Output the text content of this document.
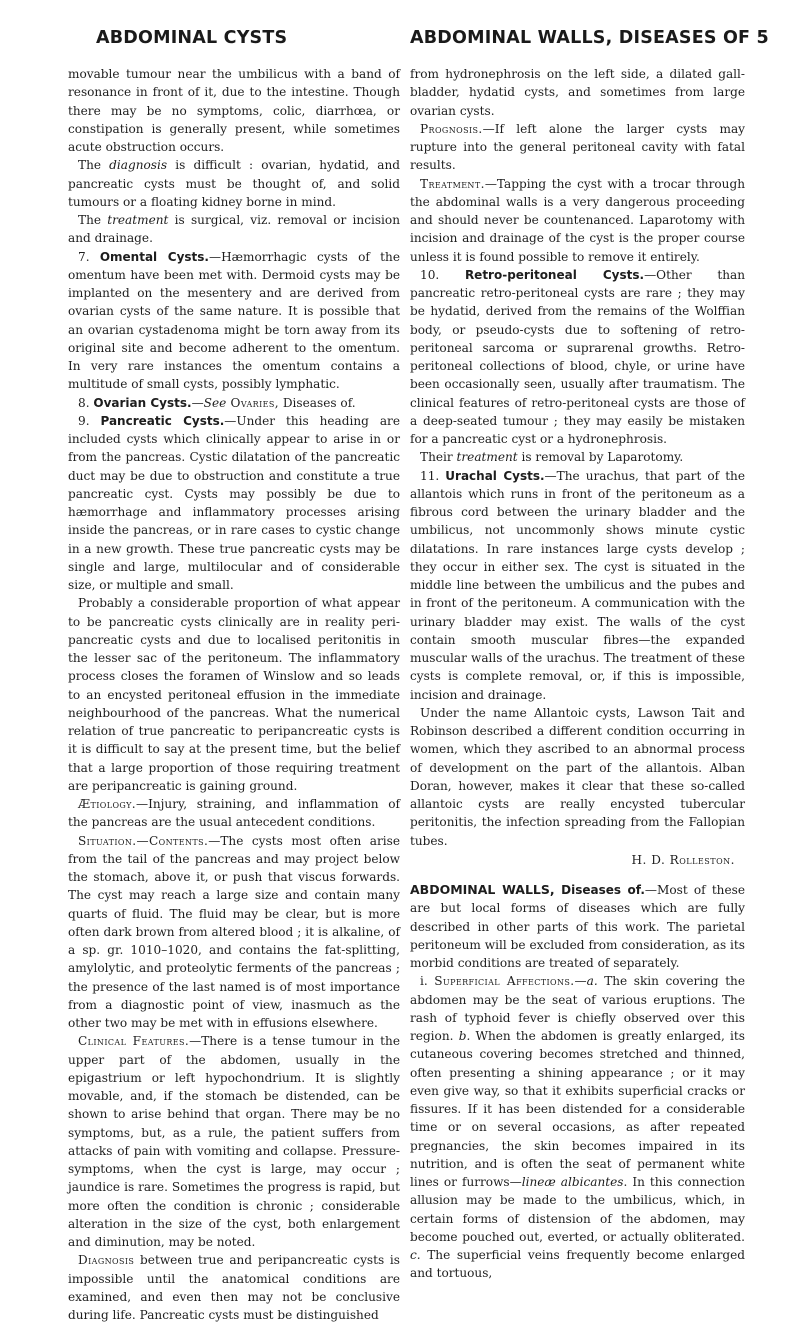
ABDOMINAL CYSTS	ABDOMINAL WALLS, DISEASES OF 5

movable tumour near the umbilicus with a band of resonance in front of it, due to the intestine. Though there may be no symptoms, colic, diarrhœa, or constipation is generally present, while sometimes acute obstruction occurs.

The diagnosis is difficult : ovarian, hydatid, and pancreatic cysts must be thought of, and solid tumours or a floating kidney borne in mind.

The treatment is surgical, viz. removal or incision and drainage.

7. Omental Cysts.—Hæmorrhagic cysts of the omentum have been met with. Dermoid cysts may be implanted on the mesentery and are derived from ovarian cysts of the same nature. It is possible that an ovarian cystadenoma might be torn away from its original site and become adherent to the omentum. In very rare instances the omentum contains a multitude of small cysts, possibly lymphatic.

8. Ovarian Cysts.—See Ovaries, Diseases of.

9. Pancreatic Cysts.—Under this heading are included cysts which clinically appear to arise in or from the pancreas. Cystic dilatation of the pancreatic duct may be due to obstruction and constitute a true pancreatic cyst. Cysts may possibly be due to hæmorrhage and inflammatory processes arising inside the pancreas, or in rare cases to cystic change in a new growth. These true pancreatic cysts may be single and large, multilocular and of considerable size, or multiple and small.

Probably a considerable proportion of what appear to be pancreatic cysts clinically are in reality peri-pancreatic cysts and due to localised peritonitis in the lesser sac of the peritoneum. The inflammatory process closes the foramen of Winslow and so leads to an encysted peritoneal effusion in the immediate neighbourhood of the pancreas. What the numerical relation of true pancreatic to peripancreatic cysts is it is difficult to say at the present time, but the belief that a large proportion of those requiring treatment are peripancreatic is gaining ground.

Ætiology.—Injury, straining, and inflammation of the pancreas are the usual antecedent conditions.

Situation.—Contents.—The cysts most often arise from the tail of the pancreas and may project below the stomach, above it, or push that viscus forwards. The cyst may reach a large size and contain many quarts of fluid. The fluid may be clear, but is more often dark brown from altered blood ; it is alkaline, of a sp. gr. 1010–1020, and contains the fat-splitting, amylolytic, and proteolytic ferments of the pancreas ; the presence of the last named is of most importance from a diagnostic point of view, inasmuch as the other two may be met with in effusions elsewhere.

Clinical Features.—There is a tense tumour in the upper part of the abdomen, usually in the epigastrium or left hypochondrium. It is slightly movable, and, if the stomach be distended, can be shown to arise behind that organ. There may be no symptoms, but, as a rule, the patient suffers from attacks of pain with vomiting and collapse. Pressure-symptoms, when the cyst is large, may occur ; jaundice is rare. Sometimes the progress is rapid, but more often the condition is chronic ; considerable alteration in the size of the cyst, both enlargement and diminution, may be noted.

Diagnosis between true and peripancreatic cysts is impossible until the anatomical conditions are examined, and even then may not be conclusive during life. Pancreatic cysts must be distinguished

from hydronephrosis on the left side, a dilated gall-bladder, hydatid cysts, and sometimes from large ovarian cysts.

Prognosis.—If left alone the larger cysts may rupture into the general peritoneal cavity with fatal results.

Treatment.—Tapping the cyst with a trocar through the abdominal walls is a very dangerous proceeding and should never be countenanced. Laparotomy with incision and drainage of the cyst is the proper course unless it is found possible to remove it entirely.

10. Retro-peritoneal Cysts.—Other than pancreatic retro-peritoneal cysts are rare ; they may be hydatid, derived from the remains of the Wolffian body, or pseudo-cysts due to softening of retro-peritoneal sarcoma or suprarenal growths. Retro-peritoneal collections of blood, chyle, or urine have been occasionally seen, usually after traumatism. The clinical features of retro-peritoneal cysts are those of a deep-seated tumour ; they may easily be mistaken for a pancreatic cyst or a hydronephrosis.

Their treatment is removal by Laparotomy.

11. Urachal Cysts.—The urachus, that part of the allantois which runs in front of the peritoneum as a fibrous cord between the urinary bladder and the umbilicus, not uncommonly shows minute cystic dilatations. In rare instances large cysts develop ; they occur in either sex. The cyst is situated in the middle line between the umbilicus and the pubes and in front of the peritoneum. A communication with the urinary bladder may exist. The walls of the cyst contain smooth muscular fibres—the expanded muscular walls of the urachus. The treatment of these cysts is complete removal, or, if this is impossible, incision and drainage.

Under the name Allantoic cysts, Lawson Tait and Robinson described a different condition occurring in women, which they ascribed to an abnormal process of development on the part of the allantois. Alban Doran, however, makes it clear that these so-called allantoic cysts are really encysted tubercular peritonitis, the infection spreading from the Fallopian tubes.

H. D. Rolleston.

ABDOMINAL WALLS, Diseases of.—Most of these are but local forms of diseases which are fully described in other parts of this work. The parietal peritoneum will be excluded from consideration, as its morbid conditions are treated of separately.

i. Superficial Affections.—a. The skin covering the abdomen may be the seat of various eruptions. The rash of typhoid fever is chiefly observed over this region. b. When the abdomen is greatly enlarged, its cutaneous covering becomes stretched and thinned, often presenting a shining appearance ; or it may even give way, so that it exhibits superficial cracks or fissures. If it has been distended for a considerable time or on several occasions, as after repeated pregnancies, the skin becomes impaired in its nutrition, and is often the seat of permanent white lines or furrows—lineæ albicantes. In this connection allusion may be made to the umbilicus, which, in certain forms of distension of the abdomen, may become pouched out, everted, or actually obliterated. c. The superficial veins frequently become enlarged and tortuous,
